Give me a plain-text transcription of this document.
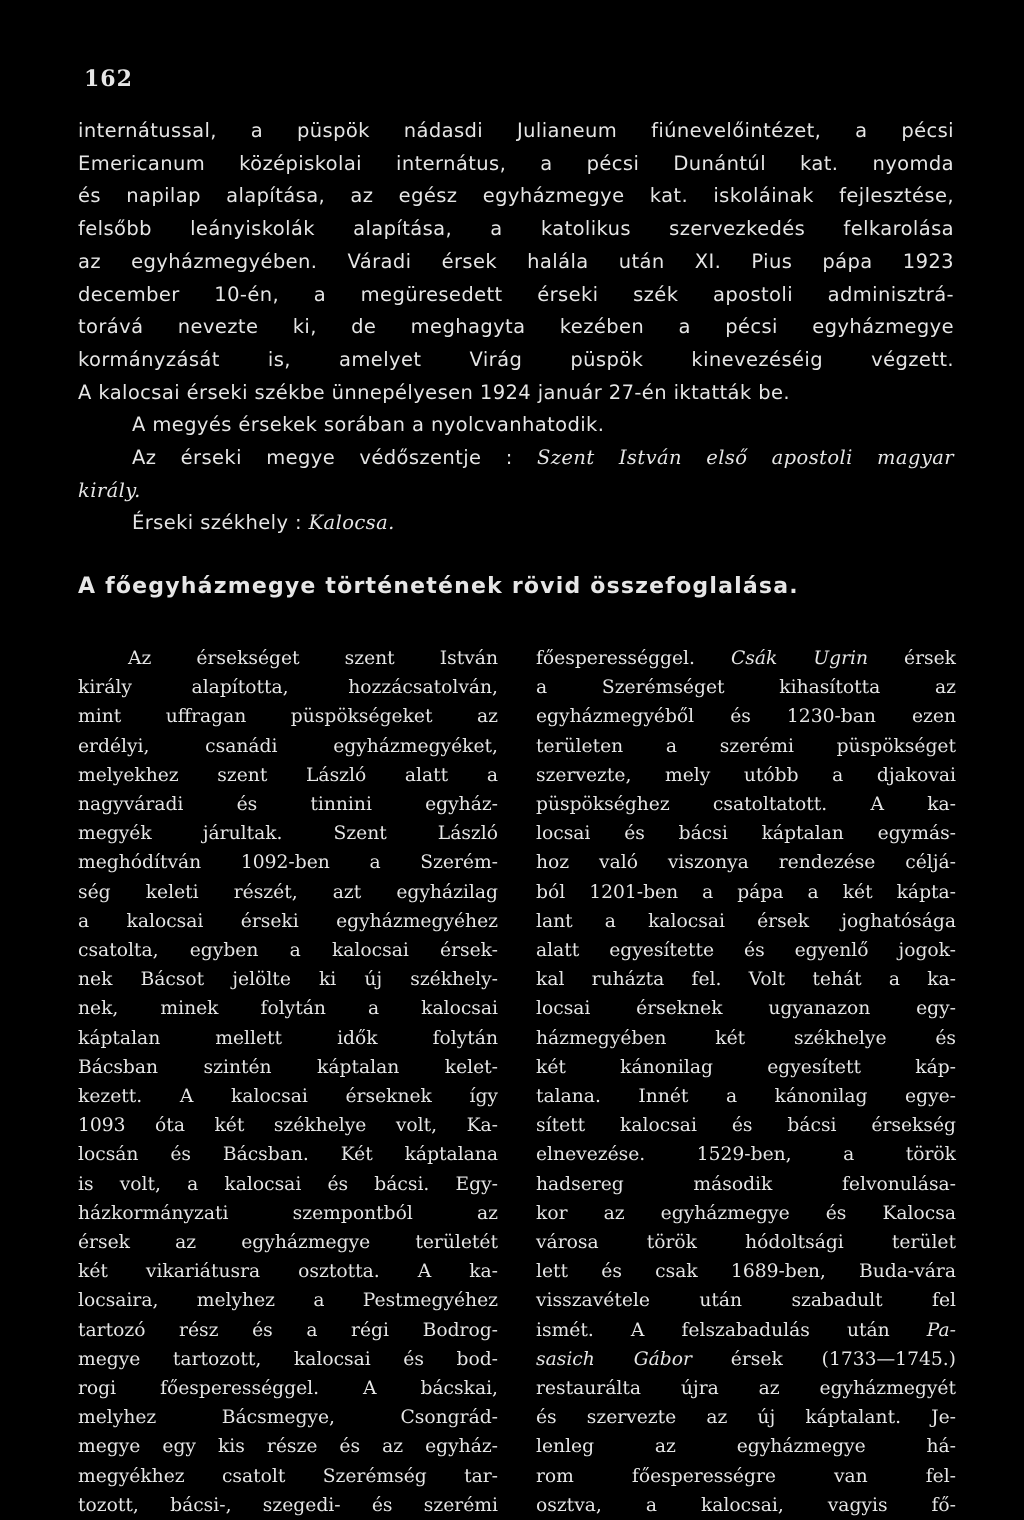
162
internátussal, a püspök nádasdi Julianeum fiúnevelőintézet, a pécsi
Emericanum középiskolai internátus, a pécsi Dunántúl kat. nyomda
és napilap alapítása, az egész egyházmegye kat. iskoláinak fejlesztése,
felsőbb leányiskolák alapítása, a katolikus szervezkedés felkarolása
az egyházmegyében. Váradi érsek halála után XI. Pius pápa 1923
december 10-én, a megüresedett érseki szék apostoli adminisztrá-
torává nevezte ki, de meghagyta kezében a pécsi egyházmegye
kormányzását is, amelyet Virág püspök kinevezéséig végzett.
A kalocsai érseki székbe ünnepélyesen 1924 január 27-én iktatták be.
A megyés érsekek sorában a nyolcvanhatodik.
Az érseki megye védőszentje : Szent István első apostoli magyar
király.
Érseki székhely : Kalocsa.
A főegyházmegye történetének rövid összefoglalása.
Az érsekséget szent István
király alapította, hozzácsatolván,
mint uffragan püspökségeket az
erdélyi, csanádi egyházmegyéket,
melyekhez szent László alatt a
nagyváradi és tinnini egyház-
megyék járultak. Szent László
meghódítván 1092-ben a Szerém-
ség keleti részét, azt egyházilag
a kalocsai érseki egyházmegyéhez
csatolta, egyben a kalocsai érsek-
nek Bácsot jelölte ki új székhely-
nek, minek folytán a kalocsai
káptalan mellett idők folytán
Bácsban szintén káptalan kelet-
kezett. A kalocsai érseknek így
1093 óta két székhelye volt, Ka-
locsán és Bácsban. Két káptalana
is volt, a kalocsai és bácsi. Egy-
házkormányzati szempontból az
érsek az egyházmegye területét
két vikariátusra osztotta. A ka-
locsaira, melyhez a Pestmegyéhez
tartozó rész és a régi Bodrog-
megye tartozott, kalocsai és bod-
rogi főesperességgel. A bácskai,
melyhez Bácsmegye, Csongrád-
megye egy kis része és az egyház-
megyékhez csatolt Szerémség tar-
tozott, bácsi-, szegedi- és szerémi
főesperességgel. Csák Ugrin érsek
a Szerémséget kihasította az
egyházmegyéből és 1230-ban ezen
területen a szerémi püspökséget
szervezte, mely utóbb a djakovai
püspökséghez csatoltatott. A ka-
locsai és bácsi káptalan egymás-
hoz való viszonya rendezése céljá-
ból 1201-ben a pápa a két kápta-
lant a kalocsai érsek joghatósága
alatt egyesítette és egyenlő jogok-
kal ruházta fel. Volt tehát a ka-
locsai érseknek ugyanazon egy-
házmegyében két székhelye és
két kánonilag egyesített káp-
talana. Innét a kánonilag egye-
sített kalocsai és bácsi érsekség
elnevezése. 1529-ben, a török
hadsereg második felvonulása-
kor az egyházmegye és Kalocsa
városa török hódoltsági terület
lett és csak 1689-ben, Buda-vára
visszavétele után szabadult fel
ismét. A felszabadulás után Pa-
sasich Gábor érsek (1733—1745.)
restaurálta újra az egyházmegyét
és szervezte az új káptalant. Je-
lenleg az egyházmegye há-
rom főesperességre van fel-
osztva, a kalocsai, vagyis fő-
